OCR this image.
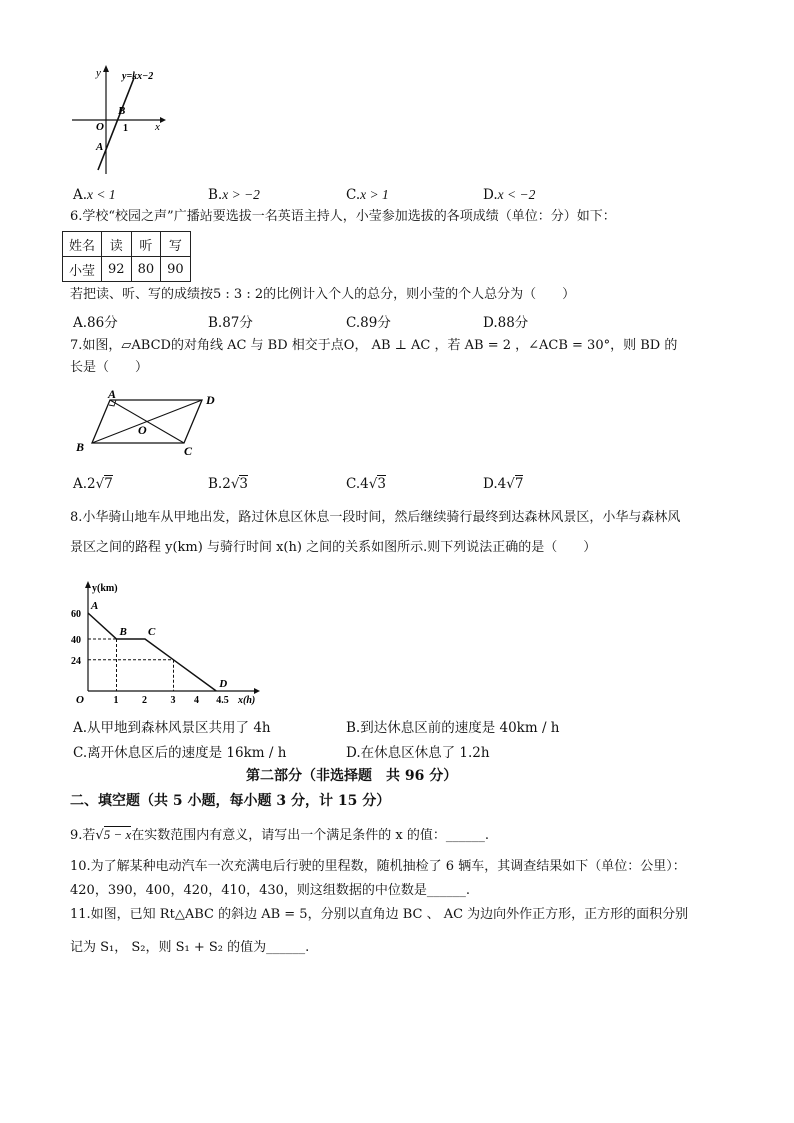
y y=kx−2
B
O 1 x
A
A.x < 1	B.x > −2	C.x > 1	D.x < −2
6.学校“校园之声”广播站要选拔一名英语主持人，小莹参加选拔的各项成绩（单位：分）如下：
姓名	读	听	写
小莹	92	80	90
若把读、听、写的成绩按5 : 3 : 2的比例计入个人的总分，则小莹的个人总分为（　　）
A.86分	B.87分	C.89分	D.88分
7.如图，▱ABCD的对角线 AC 与 BD 相交于点O， AB ⊥ AC ，若 AB = 2 ，∠ACB = 30°，则 BD 的
长是（　　）
A	D
O
B	C
A.2√7	B.2√3	C.4√3	D.4√7
8.小华骑山地车从甲地出发，路过休息区休息一段时间，然后继续骑行最终到达森林风景区，小华与森林风
景区之间的路程 y(km) 与骑行时间 x(h) 之间的关系如图所示.则下列说法正确的是（　　）
y(km)
x(h)
O
A
B C
D
1 2 3 4 4.5
24
40
60
A.从甲地到森林风景区共用了 4h	B.到达休息区前的速度是 40km / h
C.离开休息区后的速度是 16km / h	D.在休息区休息了 1.2h
第二部分（非选择题　共 96 分）
二、填空题（共 5 小题，每小题 3 分，计 15 分）
9.若√5 − x在实数范围内有意义，请写出一个满足条件的 x 的值：______.
10.为了解某种电动汽车一次充满电后行驶的里程数，随机抽检了 6 辆车，其调查结果如下（单位：公里）：
420，390，400，420，410，430，则这组数据的中位数是______.
11.如图，已知 Rt△ABC 的斜边 AB = 5，分别以直角边 BC 、 AC 为边向外作正方形，正方形的面积分别
记为 S₁， S₂，则 S₁ + S₂ 的值为______.
